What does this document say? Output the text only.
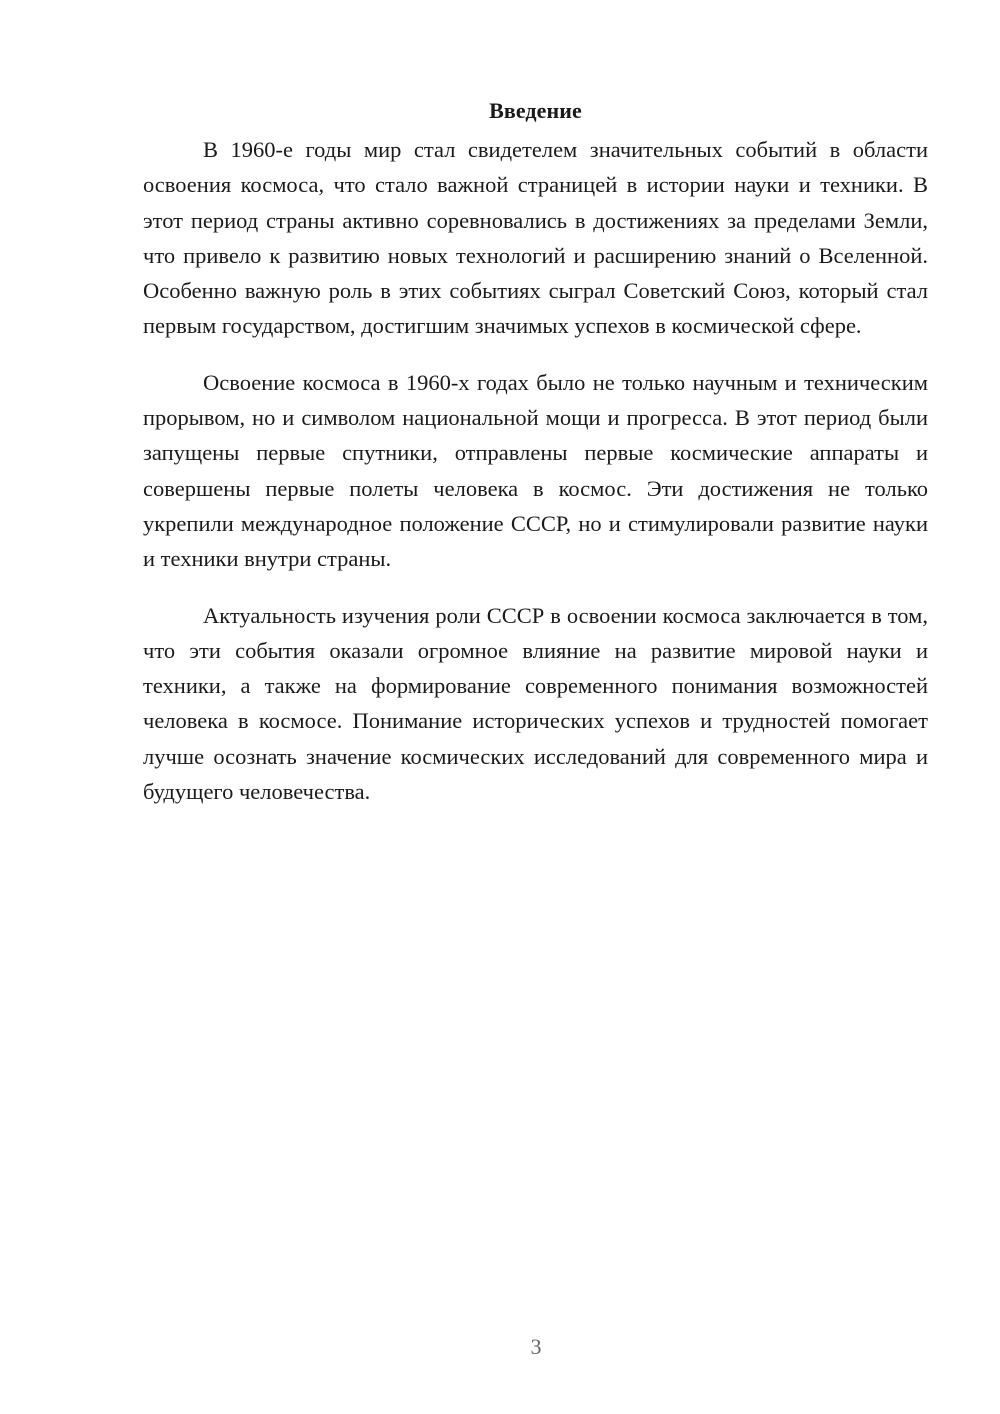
Введение

В 1960-е годы мир стал свидетелем значительных событий в области освоения космоса, что стало важной страницей в истории науки и техники. В этот период страны активно соревновались в достижениях за пределами Земли, что привело к развитию новых технологий и расширению знаний о Вселенной. Особенно важную роль в этих событиях сыграл Советский Союз, который стал первым государством, достигшим значимых успехов в космической сфере.

Освоение космоса в 1960-х годах было не только научным и техническим прорывом, но и символом национальной мощи и прогресса. В этот период были запущены первые спутники, отправлены первые космические аппараты и совершены первые полеты человека в космос. Эти достижения не только укрепили международное положение СССР, но и стимулировали развитие науки и техники внутри страны.

Актуальность изучения роли СССР в освоении космоса заключается в том, что эти события оказали огромное влияние на развитие мировой науки и техники, а также на формирование современного понимания возможностей человека в космосе. Понимание исторических успехов и трудностей помогает лучше осознать значение космических исследований для современного мира и будущего человечества.

3
